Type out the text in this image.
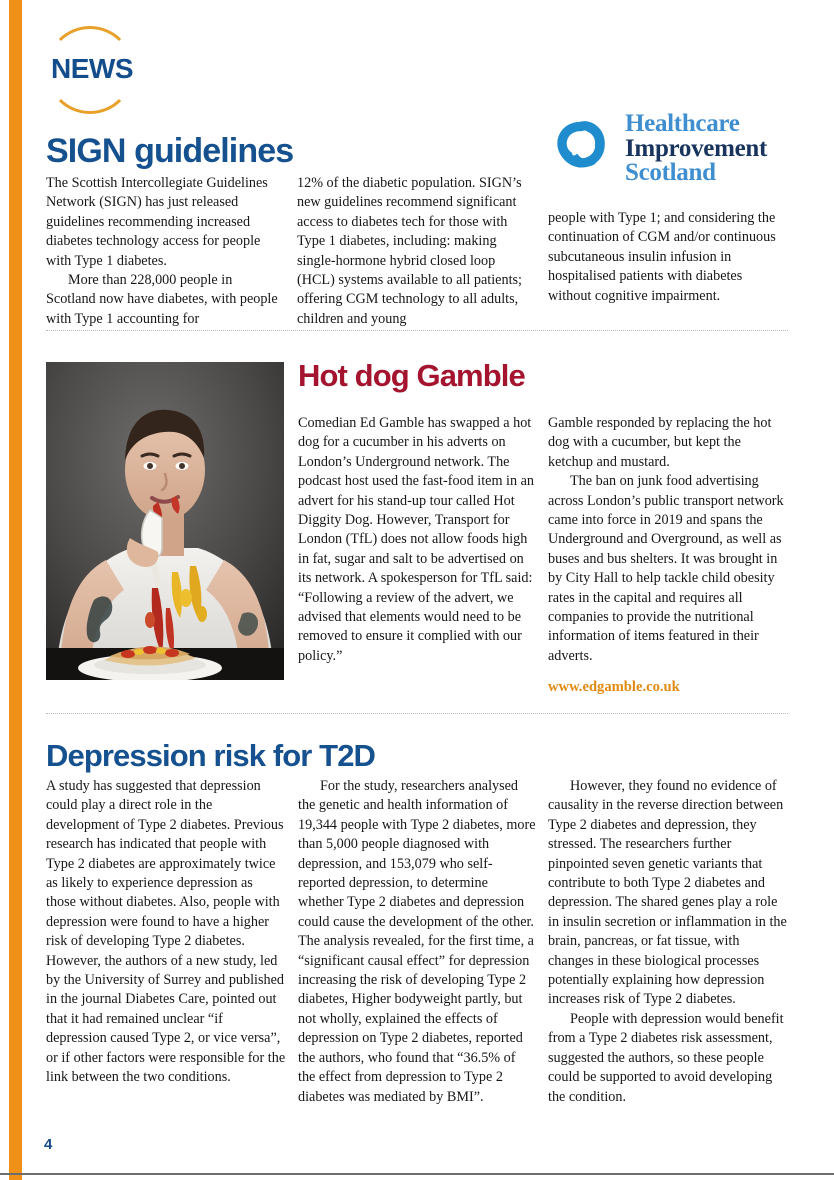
NEWS
Healthcare
Improvement
Scotland
SIGN guidelines

The Scottish Intercollegiate Guidelines Network (SIGN) has just released guidelines recommending increased diabetes technology access for people with Type 1 diabetes.

More than 228,000 people in Scotland now have diabetes, with people with Type 1 accounting for

12% of the diabetic population. SIGN’s new guidelines recommend significant access to diabetes tech for those with Type 1 diabetes, including: making single-hormone hybrid closed loop (HCL) systems available to all patients; offering CGM technology to all adults, children and young

people with Type 1; and considering the continuation of CGM and/or continuous subcutaneous insulin infusion in hospitalised patients with diabetes without cognitive impairment.

Hot dog Gamble

Comedian Ed Gamble has swapped a hot dog for a cucumber in his adverts on London’s Underground network. The podcast host used the fast-food item in an advert for his stand-up tour called Hot Diggity Dog. However, Transport for London (TfL) does not allow foods high in fat, sugar and salt to be advertised on its network. A spokesperson for TfL said: “Following a review of the advert, we advised that elements would need to be removed to ensure it complied with our policy.”

Gamble responded by replacing the hot dog with a cucumber, but kept the ketchup and mustard.

The ban on junk food advertising across London’s public transport network came into force in 2019 and spans the Underground and Overground, as well as buses and bus shelters. It was brought in by City Hall to help tackle child obesity rates in the capital and requires all companies to provide the nutritional information of items featured in their adverts.

www.edgamble.co.uk

Depression risk for T2D

A study has suggested that depression could play a direct role in the development of Type 2 diabetes. Previous research has indicated that people with Type 2 diabetes are approximately twice as likely to experience depression as those without diabetes. Also, people with depression were found to have a higher risk of developing Type 2 diabetes. However, the authors of a new study, led by the University of Surrey and published in the journal Diabetes Care, pointed out that it had remained unclear “if depression caused Type 2, or vice versa”, or if other factors were responsible for the link between the two conditions.

For the study, researchers analysed the genetic and health information of 19,344 people with Type 2 diabetes, more than 5,000 people diagnosed with depression, and 153,079 who self-reported depression, to determine whether Type 2 diabetes and depression could cause the development of the other. The analysis revealed, for the first time, a “significant causal effect” for depression increasing the risk of developing Type 2 diabetes, Higher bodyweight partly, but not wholly, explained the effects of depression on Type 2 diabetes, reported the authors, who found that “36.5% of the effect from depression to Type 2 diabetes was mediated by BMI”.

However, they found no evidence of causality in the reverse direction between Type 2 diabetes and depression, they stressed. The researchers further pinpointed seven genetic variants that contribute to both Type 2 diabetes and depression. The shared genes play a role in insulin secretion or inflammation in the brain, pancreas, or fat tissue, with changes in these biological processes potentially explaining how depression increases risk of Type 2 diabetes.

People with depression would benefit from a Type 2 diabetes risk assessment, suggested the authors, so these people could be supported to avoid developing the condition.

4
